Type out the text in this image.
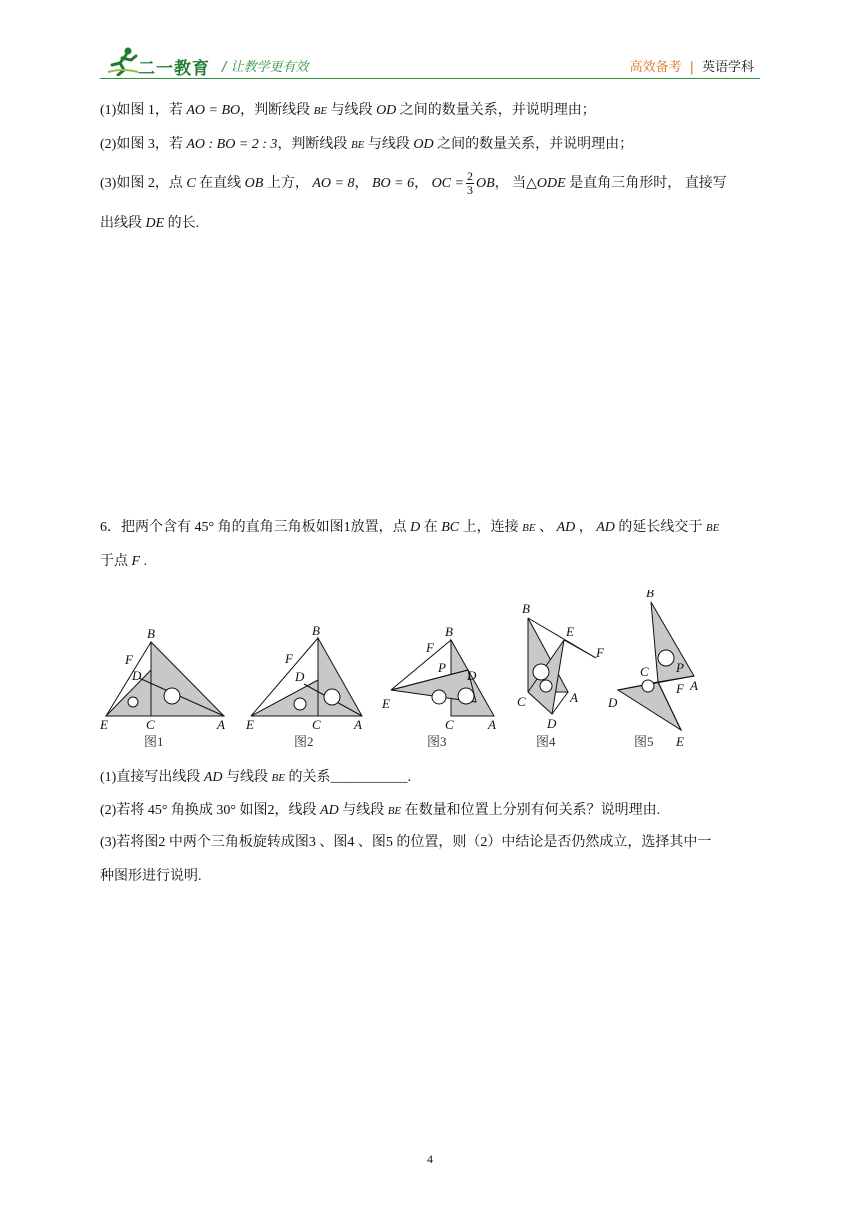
二一教育 / 让教学更有效	高效备考 | 英语学科
(1)如图 1，若 AO = BO，判断线段 BE 与线段 OD 之间的数量关系，并说明理由；
(2)如图 3，若 AO : BO = 2 : 3，判断线段 BE 与线段 OD 之间的数量关系，并说明理由；
(3)如图 2，点 C 在直线 OB 上方， AO = 8， BO = 6， OC = $\frac{2}{3}$ OB， 当△ODE 是直角三角形时， 直接写
出线段 DE 的长.
6．把两个含有 45° 角的直角三角板如图1放置，点 D 在 BC 上，连接 BE 、 AD ， AD 的延长线交于 BE
于点 F .
B
F
D
E	C	A
图1
B
F
D
E	C	A
图2
B
F
P
D
E
C	A
图3
B
E
F
C	A
D
图4
B
C P
A
F
D
E
图5
(1)直接写出线段 AD 与线段 BE 的关系___________.
(2)若将 45° 角换成 30° 如图2，线段 AD 与线段 BE 在数量和位置上分别有何关系？说明理由.
(3)若将图2 中两个三角板旋转成图3 、图4 、图5 的位置，则（2）中结论是否仍然成立，选择其中一
种图形进行说明.
4
